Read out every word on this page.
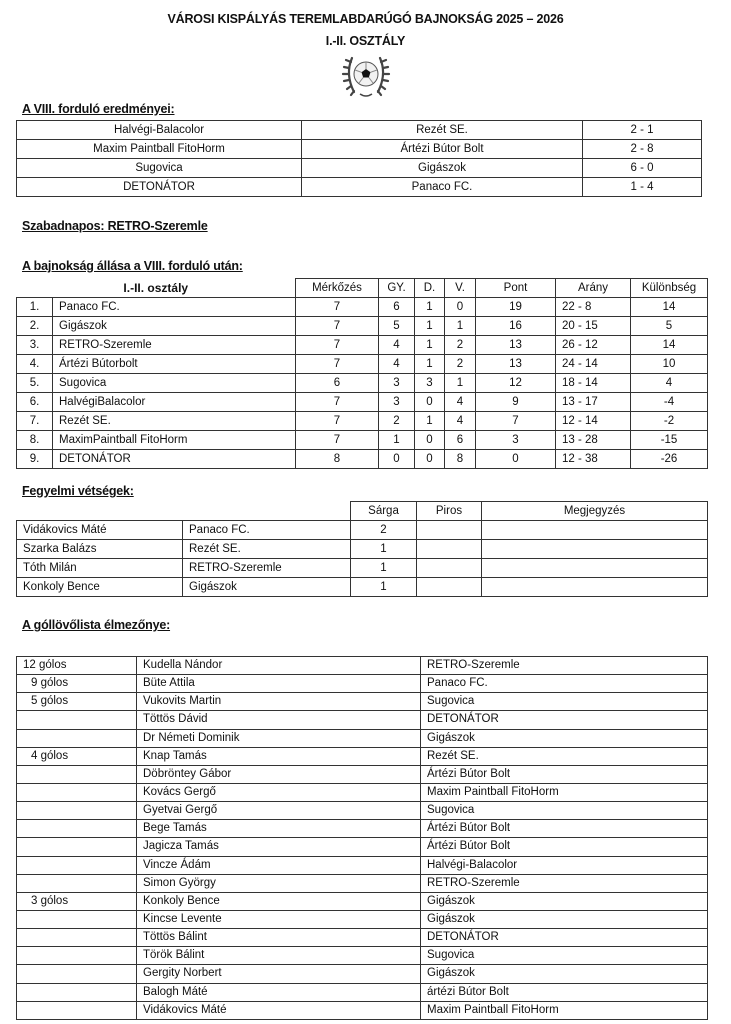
VÁROSI KISPÁLYÁS TEREMLABDARÚGÓ BAJNOKSÁG 2025 – 2026
I.-II. OSZTÁLY
A VIII. forduló eredményei:
Halvégi-Balacolor	Rezét SE.	2 - 1
Maxim Paintball FitoHorm	Ártézi Bútor Bolt	2 - 8
Sugovica	Gigászok	6 - 0
DETONÁTOR	Panaco FC.	1 - 4
Szabadnapos: RETRO-Szeremle
A bajnokság állása a VIII. forduló után:
I.-II. osztály		Mérkőzés	GY.	D.	V.	Pont	Arány	Különbség
1.	Panaco FC.	7	6	1	0	19	22 - 8	14
2.	Gigászok	7	5	1	1	16	20 - 15	5
3.	RETRO-Szeremle	7	4	1	2	13	26 - 12	14
4.	Ártézi Bútorbolt	7	4	1	2	13	24 - 14	10
5.	Sugovica	6	3	3	1	12	18 - 14	4
6.	HalvégiBalacolor	7	3	0	4	9	13 - 17	-4
7.	Rezét SE.	7	2	1	4	7	12 - 14	-2
8.	MaximPaintball FitoHorm	7	1	0	6	3	13 - 28	-15
9.	DETONÁTOR	8	0	0	8	0	12 - 38	-26
Fegyelmi vétségek:
		Sárga	Piros	Megjegyzés
Vidákovics Máté	Panaco FC.	2		
Szarka Balázs	Rezét SE.	1		
Tóth Milán	RETRO-Szeremle	1		
Konkoly Bence	Gigászok	1		
A góllövőlista élmezőnye:
12 gólos	Kudella Nándor	RETRO-Szeremle
9 gólos	Büte Attila	Panaco FC.
5 gólos	Vukovits Martin	Sugovica
	Töttös Dávid	DETONÁTOR
	Dr Németi Dominik	Gigászok
4 gólos	Knap Tamás	Rezét SE.
	Döbröntey Gábor	Ártézi Bútor Bolt
	Kovács Gergő	Maxim Paintball FitoHorm
	Gyetvai Gergő	Sugovica
	Bege Tamás	Ártézi Bútor Bolt
	Jagicza Tamás	Ártézi Bútor Bolt
	Vincze Ádám	Halvégi-Balacolor
	Simon György	RETRO-Szeremle
3 gólos	Konkoly Bence	Gigászok
	Kincse Levente	Gigászok
	Töttös Bálint	DETONÁTOR
	Török Bálint	Sugovica
	Gergity Norbert	Gigászok
	Balogh Máté	ártézi Bútor Bolt
	Vidákovics Máté	Maxim Paintball FitoHorm
